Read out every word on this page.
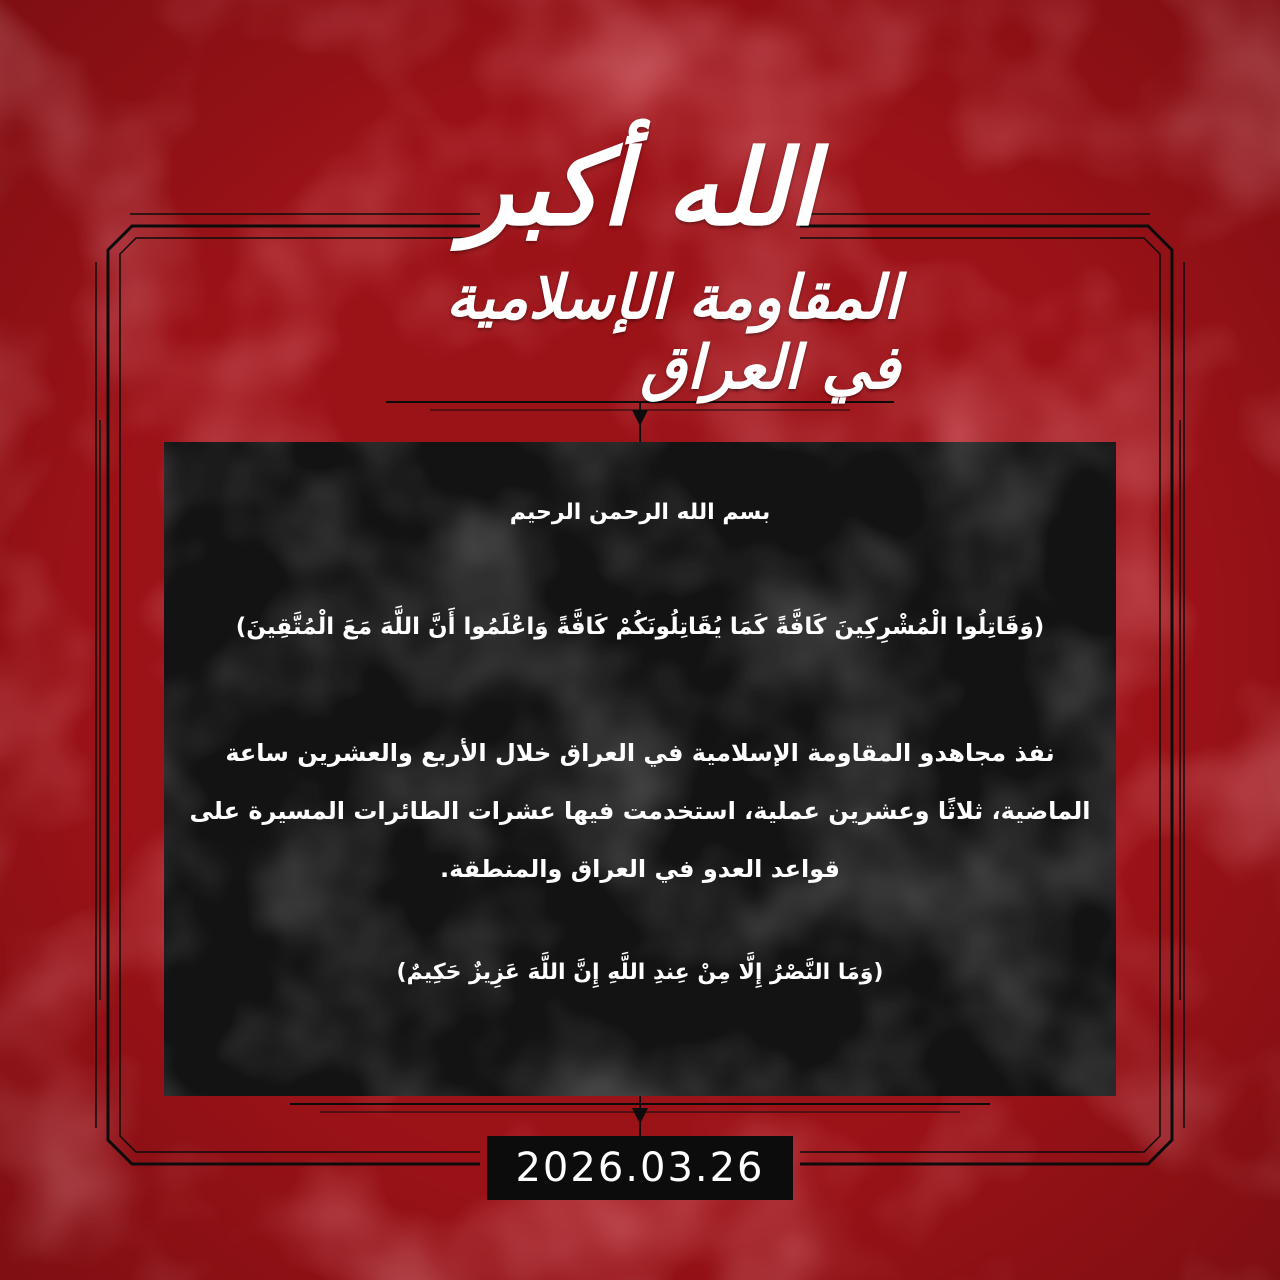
الله أكبر
المقاومة الإسلامية في العراق
بسم الله الرحمن الرحيم
(وَقَاتِلُوا الْمُشْرِكِينَ كَافَّةً كَمَا يُقَاتِلُونَكُمْ كَافَّةً وَاعْلَمُوا أَنَّ اللَّهَ مَعَ الْمُتَّقِينَ)
نفذ مجاهدو المقاومة الإسلامية في العراق خلال الأربع والعشرين ساعة الماضية، ثلاثًا وعشرين عملية، استخدمت فيها عشرات الطائرات المسيرة على قواعد العدو في العراق والمنطقة.
(وَمَا النَّصْرُ إِلَّا مِنْ عِندِ اللَّهِ إِنَّ اللَّهَ عَزِيزٌ حَكِيمٌ)
2026.03.26
